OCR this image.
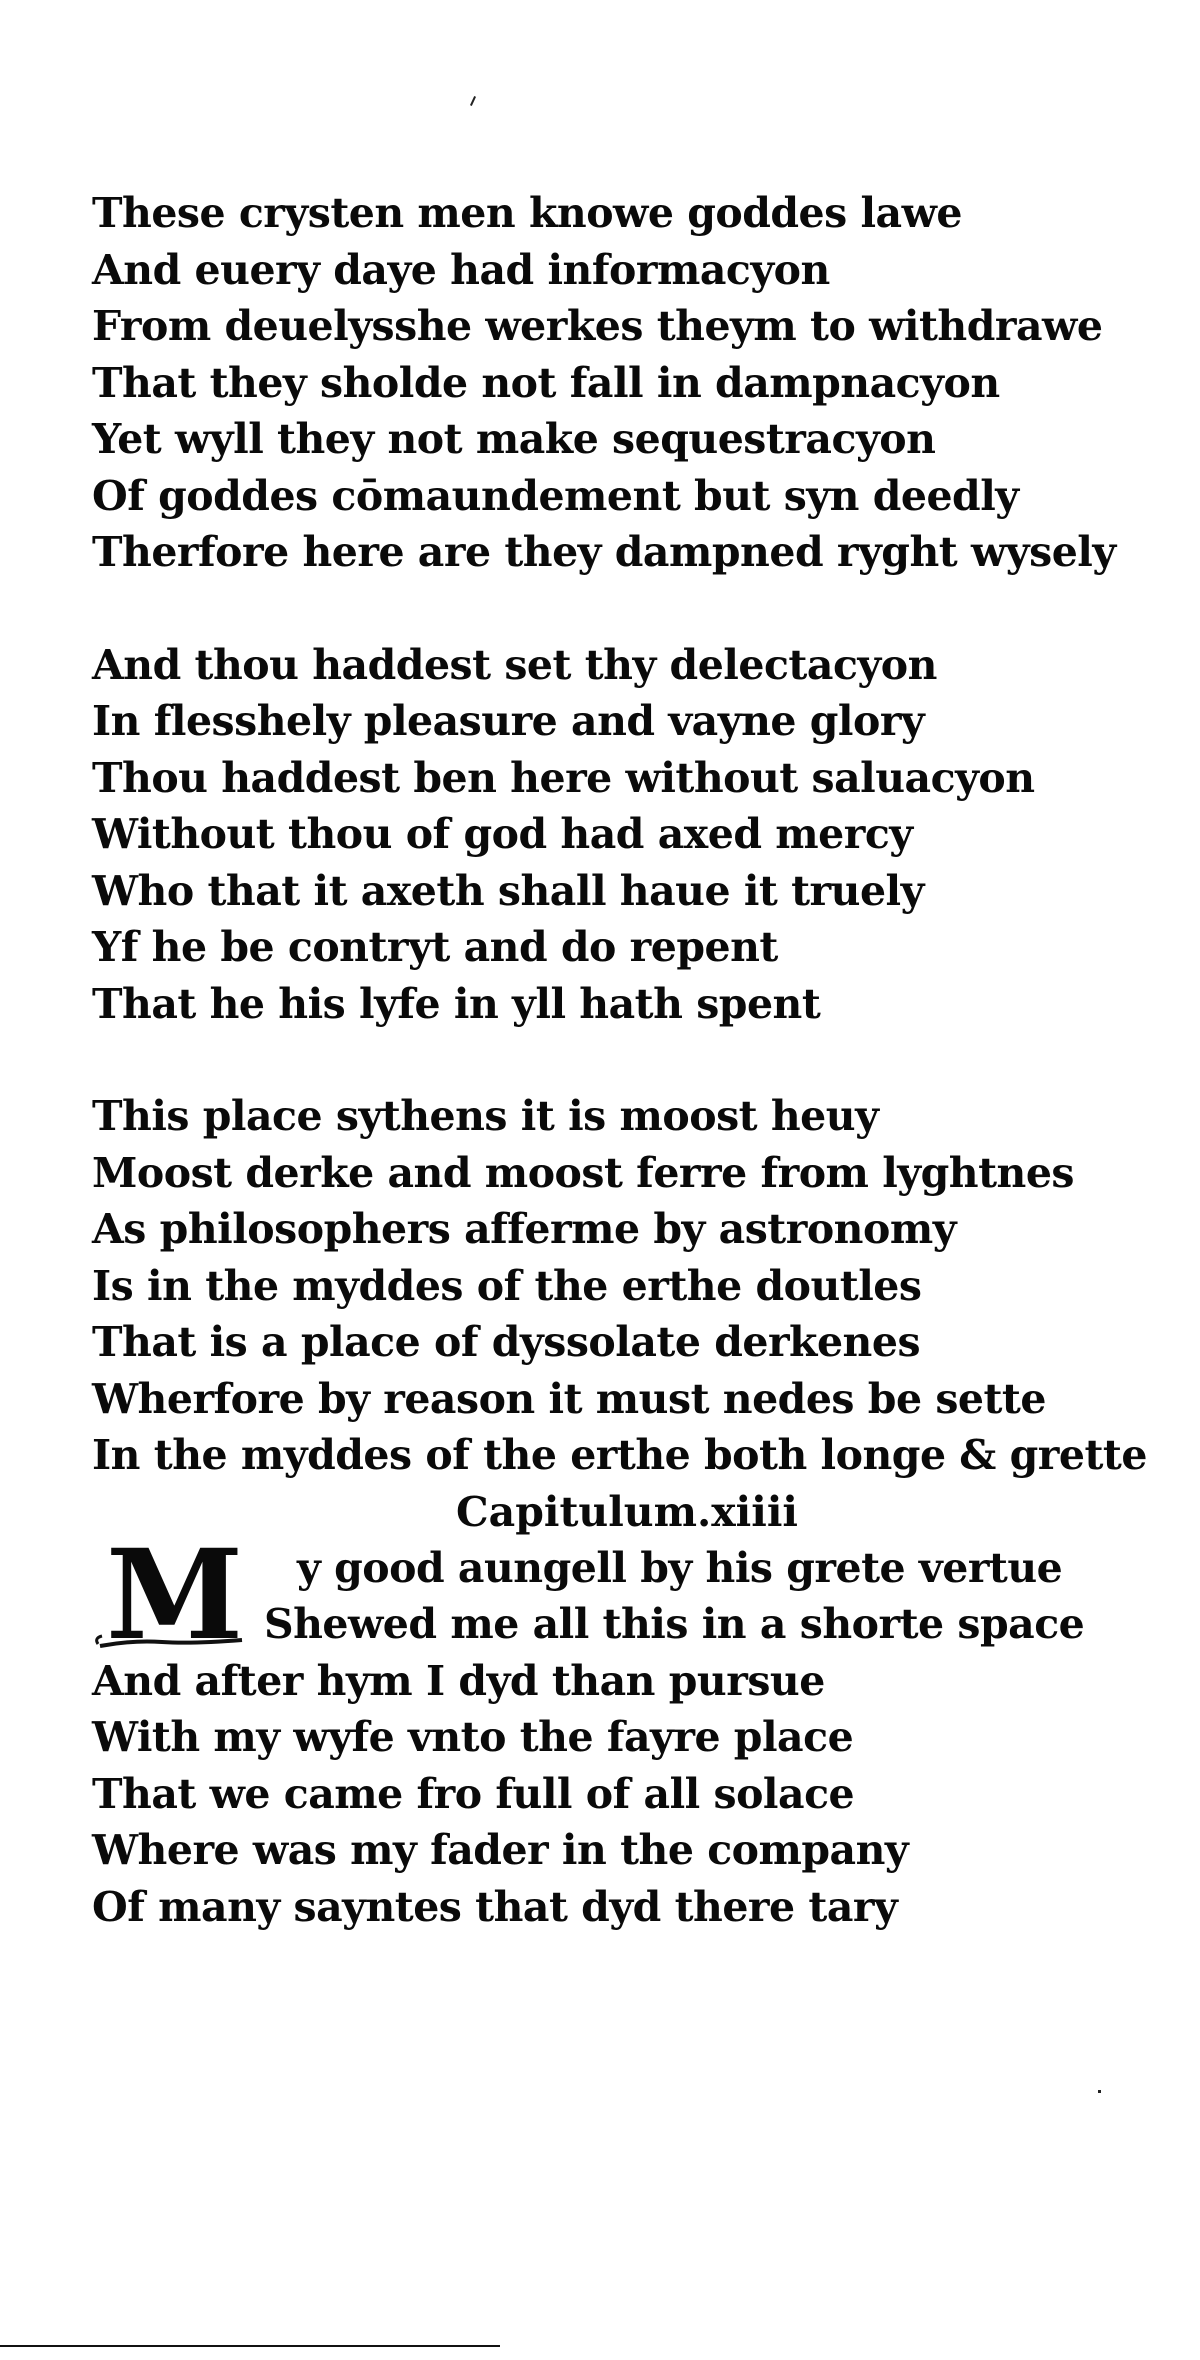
These crysten men knowe goddes lawe
And euery daye had informacyon
From deuelysshe werkes theym to withdrawe
That they sholde not fall in dampnacyon
Yet wyll they not make sequestracyon
Of goddes cōmaundement but syn deedly
Therfore here are they dampned ryght wysely
And thou haddest set thy delectacyon
In flesshely pleasure and vayne glory
Thou haddest ben here without saluacyon
Without thou of god had axed mercy
Who that it axeth shall haue it truely
Yf he be contryt and do repent
That he his lyfe in yll hath spent
This place sythens it is moost heuy
Moost derke and moost ferre from lyghtnes
As philosophers afferme by astronomy
Is in the myddes of the erthe doutles
That is a place of dyssolate derkenes
Wherfore by reason it must nedes be sette
In the myddes of the erthe both longe & grette
Capitulum.xiiii
M	y good aungell by his grete vertue
Shewed me all this in a shorte space
And after hym I dyd than pursue
With my wyfe vnto the fayre place
That we came fro full of all solace
Where was my fader in the company
Of many sayntes that dyd there tary
